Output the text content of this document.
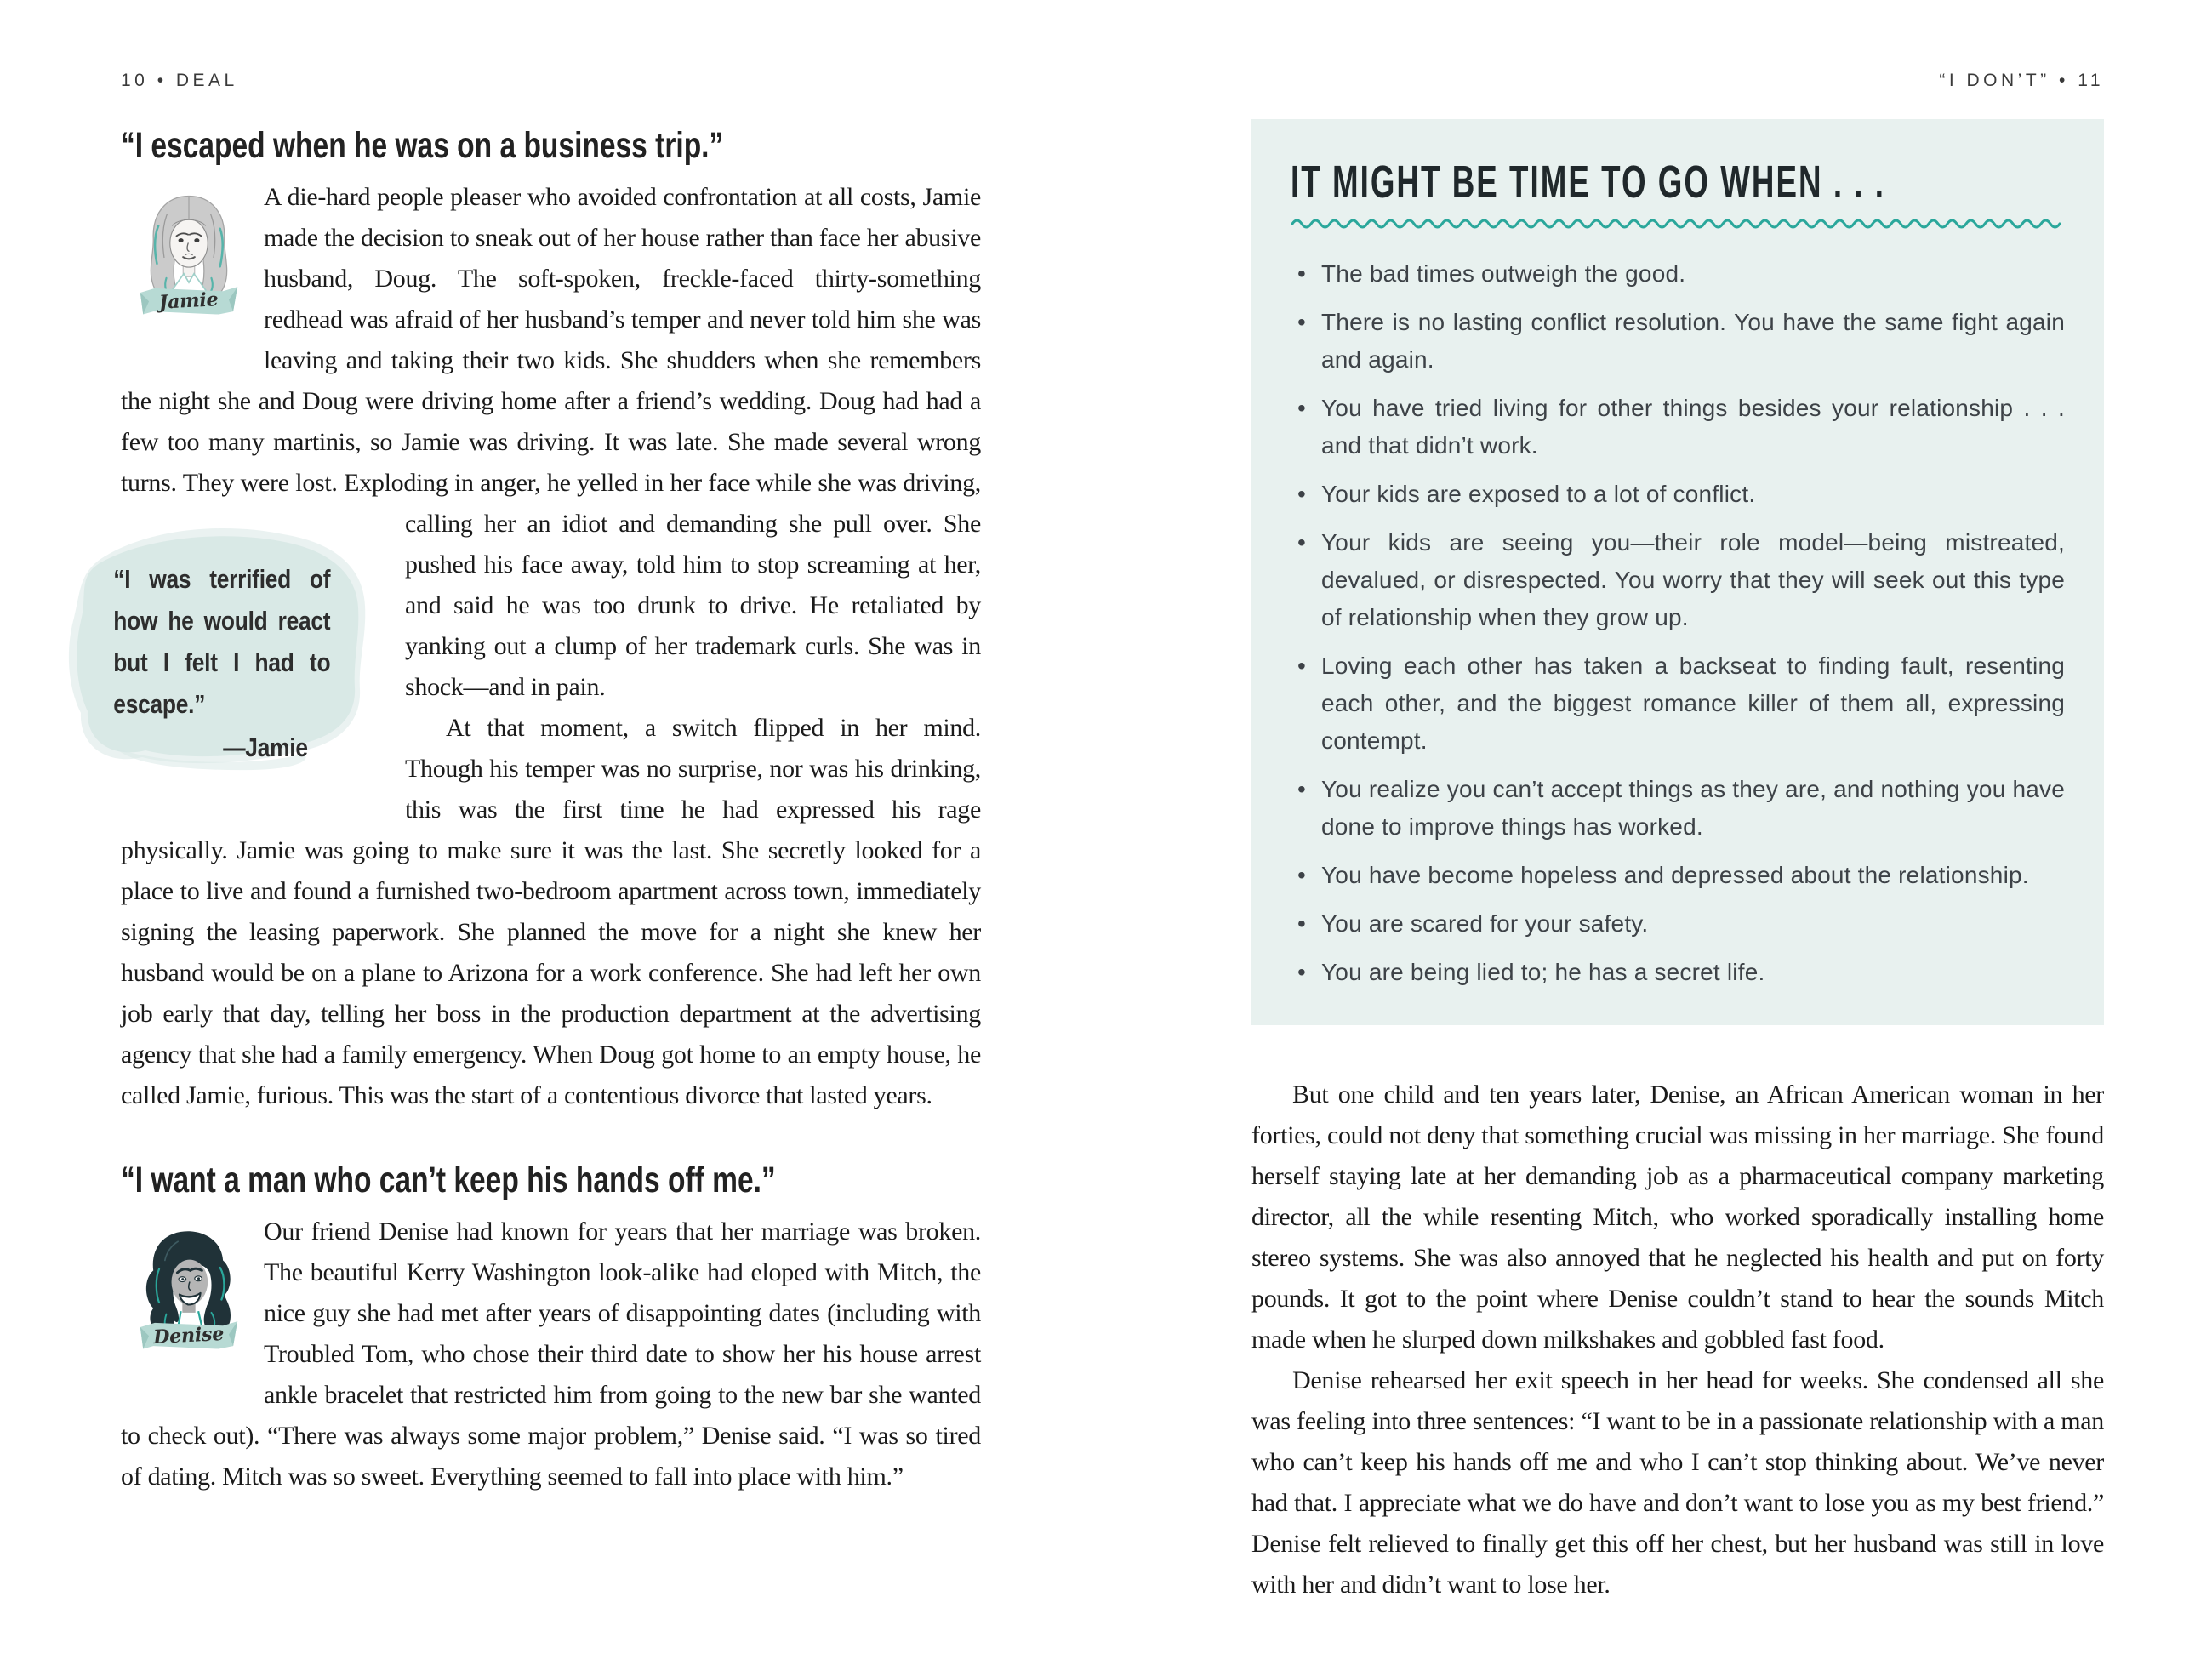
10 • DEAL
“I escaped when he was on a business trip.”

Jamie
A die-hard people pleaser who avoided confrontation at all costs, Jamie made the decision to sneak out of her house rather than face her abusive husband, Doug. The soft-spoken, freckle-faced thirty-something redhead was afraid of her husband’s temper and never told him she was leaving and taking their two kids. She shudders when she remembers the night she and Doug were driving home after a friend’s wedding. Doug had had a few too many martinis, so Jamie was driving. It was late. She made several wrong turns. They were lost. Exploding in anger, he yelled in her face while she was driving, calling her an idiot and demanding she pull over. She
“I was terrified of how he would react but I felt I had to escape.”
—Jamie
pushed his face away, told him to stop screaming at her, and said he was too drunk to drive. He retaliated by yanking out a clump of her trademark curls. She was in shock—and in pain.

At that moment, a switch flipped in her mind. Though his temper was no surprise, nor was his drinking, this was the first time he had expressed his rage physically. Jamie was going to make sure it was the last. She secretly looked for a place to live and found a furnished two-bedroom apartment across town, immediately signing the leasing paperwork. She planned the move for a night she knew her husband would be on a plane to Arizona for a work conference. She had left her own job early that day, telling her boss in the production department at the advertising agency that she had a family emergency. When Doug got home to an empty house, he called Jamie, furious. This was the start of a contentious divorce that lasted years.

“I want a man who can’t keep his hands off me.”

Denise
Our friend Denise had known for years that her marriage was broken. The beautiful Kerry Washington look-alike had eloped with Mitch, the nice guy she had met after years of disappointing dates (including with Troubled Tom, who chose their third date to show her his house arrest ankle bracelet that restricted him from going to the new bar she wanted to check out). “There was always some major problem,” Denise said. “I was so tired of dating. Mitch was so sweet. Everything seemed to fall into place with him.”

“I DON’T” • 11
IT MIGHT BE TIME TO GO WHEN . . .
• The bad times outweigh the good.
• There is no lasting conflict resolution. You have the same fight again and again.
• You have tried living for other things besides your relationship . . . and that didn’t work.
• Your kids are exposed to a lot of conflict.
• Your kids are seeing you—their role model—being mistreated, devalued, or disrespected. You worry that they will seek out this type of relationship when they grow up.
• Loving each other has taken a backseat to finding fault, resenting each other, and the biggest romance killer of them all, expressing contempt.
• You realize you can’t accept things as they are, and nothing you have done to improve things has worked.
• You have become hopeless and depressed about the relationship.
• You are scared for your safety.
• You are being lied to; he has a secret life.

But one child and ten years later, Denise, an African American woman in her forties, could not deny that something crucial was missing in her marriage. She found herself staying late at her demanding job as a pharmaceutical company marketing director, all the while resenting Mitch, who worked sporadically installing home stereo systems. She was also annoyed that he neglected his health and put on forty pounds. It got to the point where Denise couldn’t stand to hear the sounds Mitch made when he slurped down milkshakes and gobbled fast food.

Denise rehearsed her exit speech in her head for weeks. She condensed all she was feeling into three sentences: “I want to be in a passionate relationship with a man who can’t keep his hands off me and who I can’t stop thinking about. We’ve never had that. I appreciate what we do have and don’t want to lose you as my best friend.” Denise felt relieved to finally get this off her chest, but her husband was still in love with her and didn’t want to lose her.
